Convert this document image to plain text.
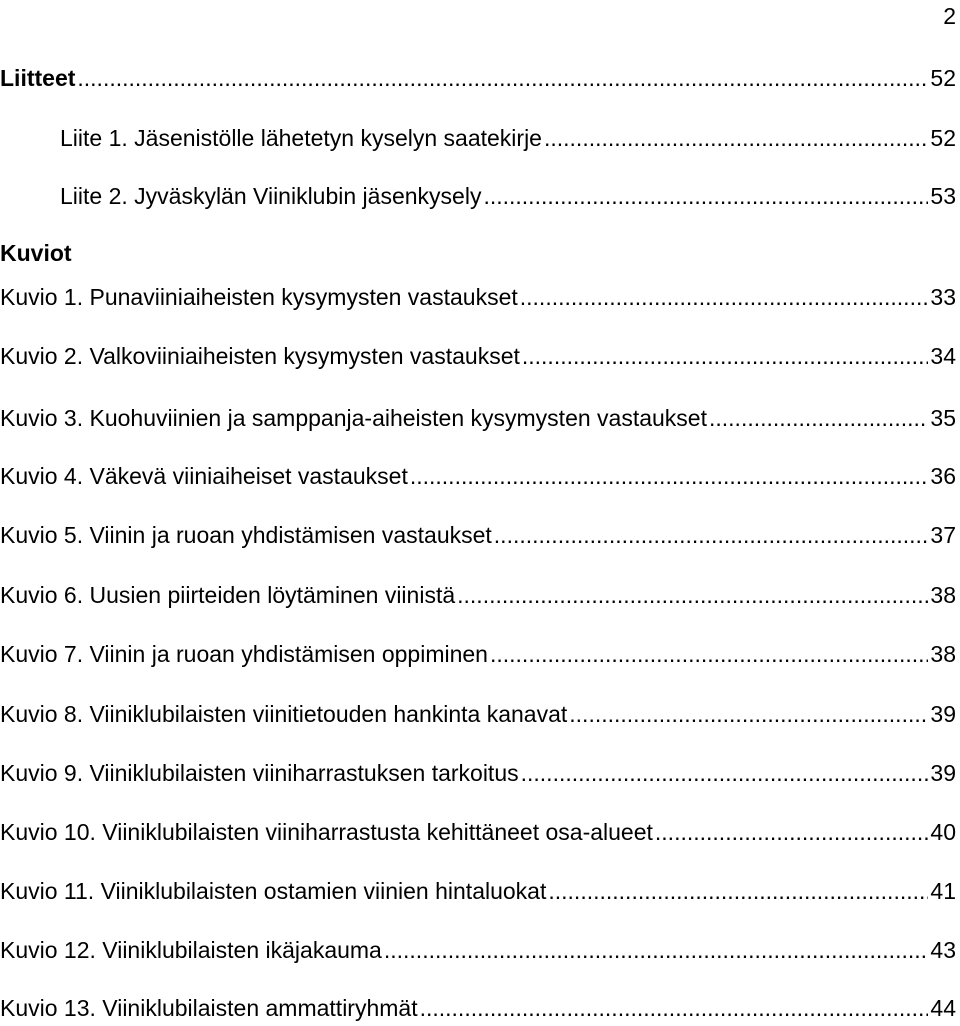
2
Liitteet .....	52
Liite 1. Jäsenistölle lähetetyn kyselyn saatekirje .....	52
Liite 2. Jyväskylän Viiniklubin jäsenkysely .....	53
Kuviot
Kuvio 1. Punaviiniaiheisten kysymysten vastaukset .....	33
Kuvio 2. Valkoviiniaiheisten kysymysten vastaukset .....	34
Kuvio 3. Kuohuviinien ja samppanja-aiheisten kysymysten vastaukset .....	35
Kuvio 4. Väkevä viiniaiheiset vastaukset .....	36
Kuvio 5. Viinin ja ruoan yhdistämisen vastaukset .....	37
Kuvio 6. Uusien piirteiden löytäminen viinistä .....	38
Kuvio 7. Viinin ja ruoan yhdistämisen oppiminen .....	38
Kuvio 8. Viiniklubilaisten viinitietouden hankinta kanavat .....	39
Kuvio 9. Viiniklubilaisten viiniharrastuksen tarkoitus .....	39
Kuvio 10. Viiniklubilaisten viiniharrastusta kehittäneet osa-alueet .....	40
Kuvio 11. Viiniklubilaisten ostamien viinien hintaluokat .....	41
Kuvio 12. Viiniklubilaisten ikäjakauma .....	43
Kuvio 13. Viiniklubilaisten ammattiryhmät .....	44
